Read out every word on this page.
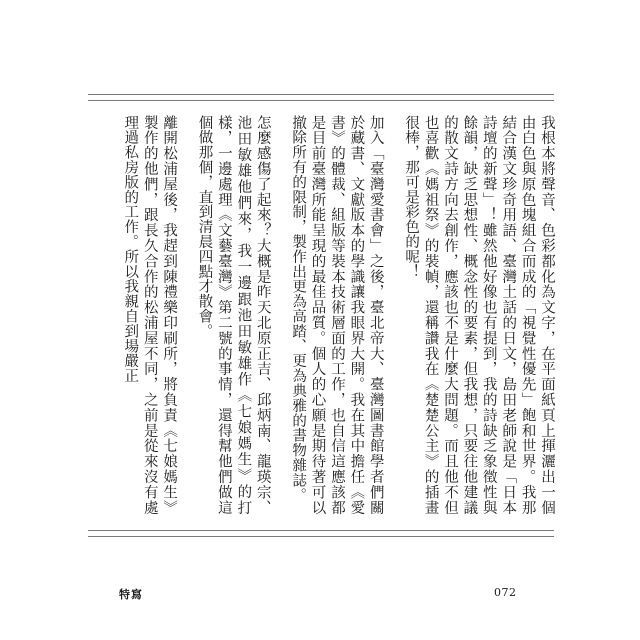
我根本將聲音、色彩都化為文字，在平面紙頁上揮灑出一個由白色與原色塊組合而成的「視覺性優先」飽和世界。我那結合漢文珍奇用語、臺灣土話的日文，島田老師說是「日本詩壇的新聲」！雖然他好像也有提到，我的詩缺乏象徵性與餘韻，缺乏思想性、概念性的要素，但我想，只要往他建議的散文詩方向去創作，應該也不是什麼大問題。而且他不但也喜歡《媽祖祭》的裝幀，還稱讚我在《楚楚公主》的插畫很棒，那可是彩色的呢！

加入「臺灣愛書會」之後，臺北帝大、臺灣圖書館學者們關於藏書、文獻版本的學識讓我眼界大開。我在其中擔任《愛書》的體裁、組版等裝本技術層面的工作，也自信這應該都是目前臺灣所能呈現的最佳品質。個人的心願是期待著可以撤除所有的限制，製作出更為高踏、更為典雅的書物雜誌。

怎麼感傷了起來？大概是昨天北原正吉、邱炳南、龍瑛宗、池田敏雄他們來，我一邊跟池田敏雄作《七娘媽生》的打樣，一邊處理《文藝臺灣》第二號的事情，還得幫他們做這個做那個，直到清晨四點才散會。

離開松浦屋後，我趕到陳禮樂印刷所，將負責《七娘媽生》製作的他們，跟長久合作的松浦屋不同，之前是從來沒有處理過私房版的工作。所以我親自到場嚴正

特寫	072
